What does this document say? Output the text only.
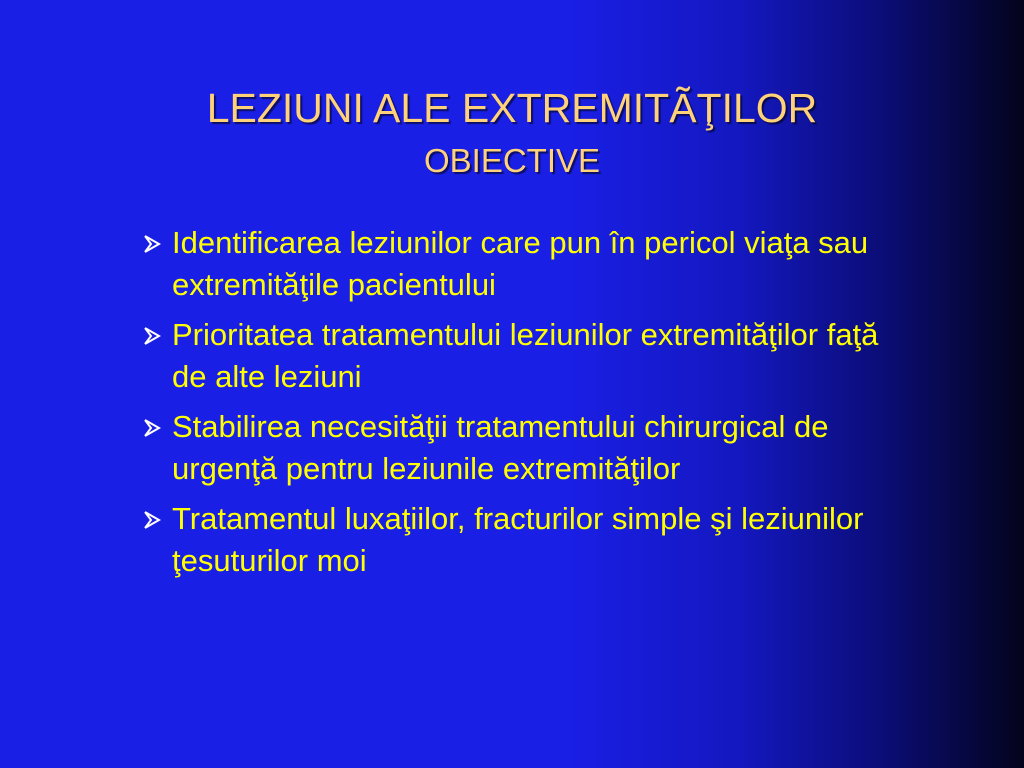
LEZIUNI ALE EXTREMITÃŢILOR
OBIECTIVE
Identificarea leziunilor care pun în pericol viaţa sau extremităţile pacientului
Prioritatea tratamentului leziunilor extremităţilor faţă de alte leziuni
Stabilirea necesităţii tratamentului chirurgical de urgenţă pentru leziunile extremităţilor
Tratamentul luxaţiilor, fracturilor simple şi leziunilor ţesuturilor moi
